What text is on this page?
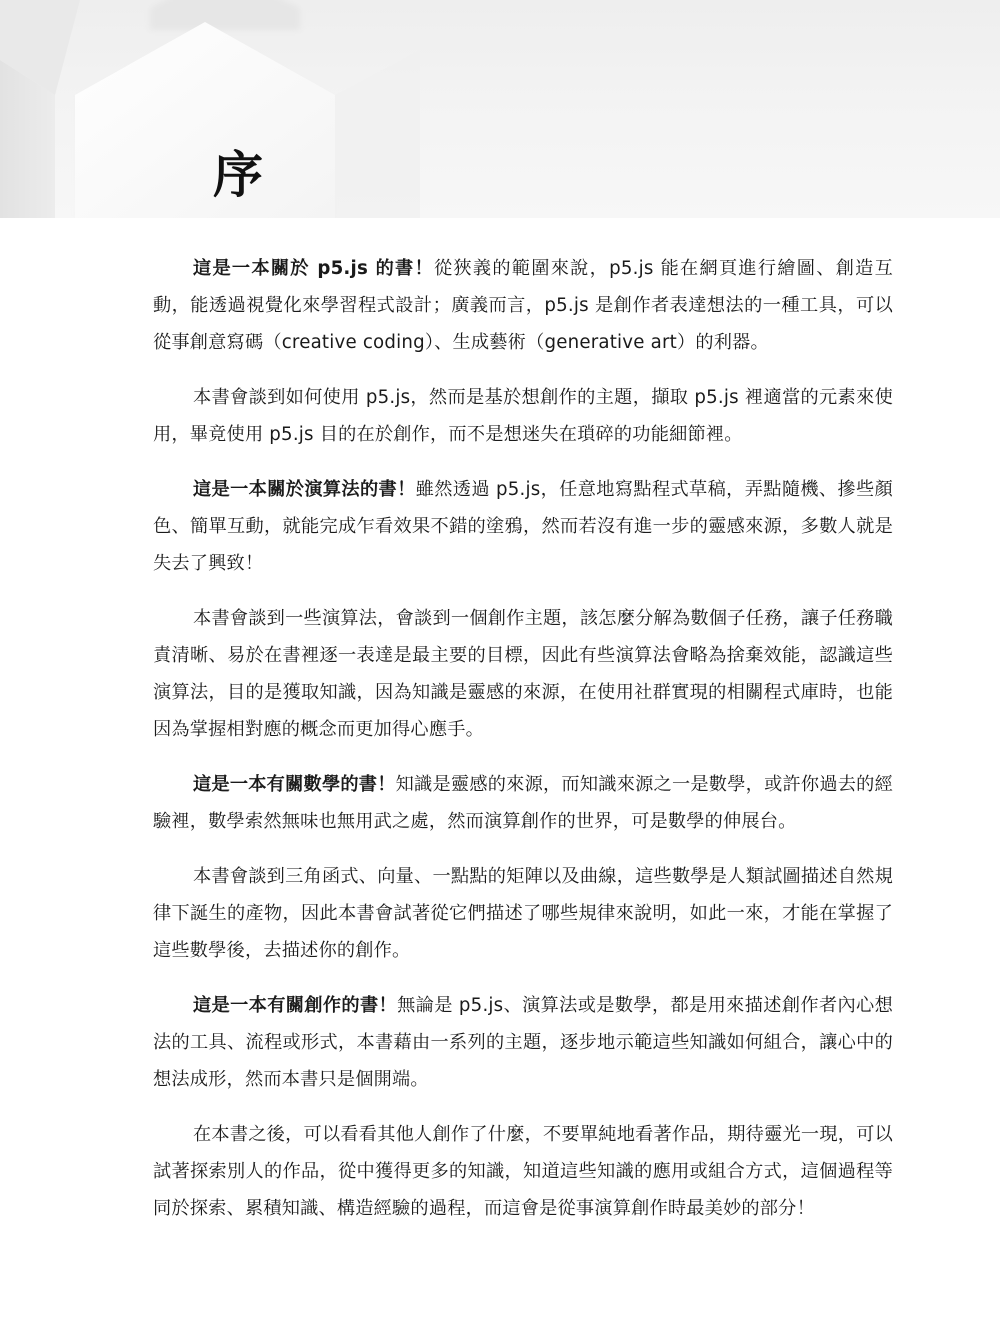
序

這是一本關於 p5.js 的書！從狹義的範圍來說，p5.js 能在網頁進行繪圖、創造互動，能透過視覺化來學習程式設計；廣義而言，p5.js 是創作者表達想法的一種工具，可以從事創意寫碼（creative coding）、生成藝術（generative art）的利器。

本書會談到如何使用 p5.js，然而是基於想創作的主題，擷取 p5.js 裡適當的元素來使用，畢竟使用 p5.js 目的在於創作，而不是想迷失在瑣碎的功能細節裡。

這是一本關於演算法的書！雖然透過 p5.js，任意地寫點程式草稿，弄點隨機、摻些顏色、簡單互動，就能完成乍看效果不錯的塗鴉，然而若沒有進一步的靈感來源，多數人就是失去了興致！

本書會談到一些演算法，會談到一個創作主題，該怎麼分解為數個子任務，讓子任務職責清晰、易於在書裡逐一表達是最主要的目標，因此有些演算法會略為捨棄效能，認識這些演算法，目的是獲取知識，因為知識是靈感的來源，在使用社群實現的相關程式庫時，也能因為掌握相對應的概念而更加得心應手。

這是一本有關數學的書！知識是靈感的來源，而知識來源之一是數學，或許你過去的經驗裡，數學索然無味也無用武之處，然而演算創作的世界，可是數學的伸展台。

本書會談到三角函式、向量、一點點的矩陣以及曲線，這些數學是人類試圖描述自然規律下誕生的產物，因此本書會試著從它們描述了哪些規律來說明，如此一來，才能在掌握了這些數學後，去描述你的創作。

這是一本有關創作的書！無論是 p5.js、演算法或是數學，都是用來描述創作者內心想法的工具、流程或形式，本書藉由一系列的主題，逐步地示範這些知識如何組合，讓心中的想法成形，然而本書只是個開端。

在本書之後，可以看看其他人創作了什麼，不要單純地看著作品，期待靈光一現，可以試著探索別人的作品，從中獲得更多的知識，知道這些知識的應用或組合方式，這個過程等同於探索、累積知識、構造經驗的過程，而這會是從事演算創作時最美妙的部分！
